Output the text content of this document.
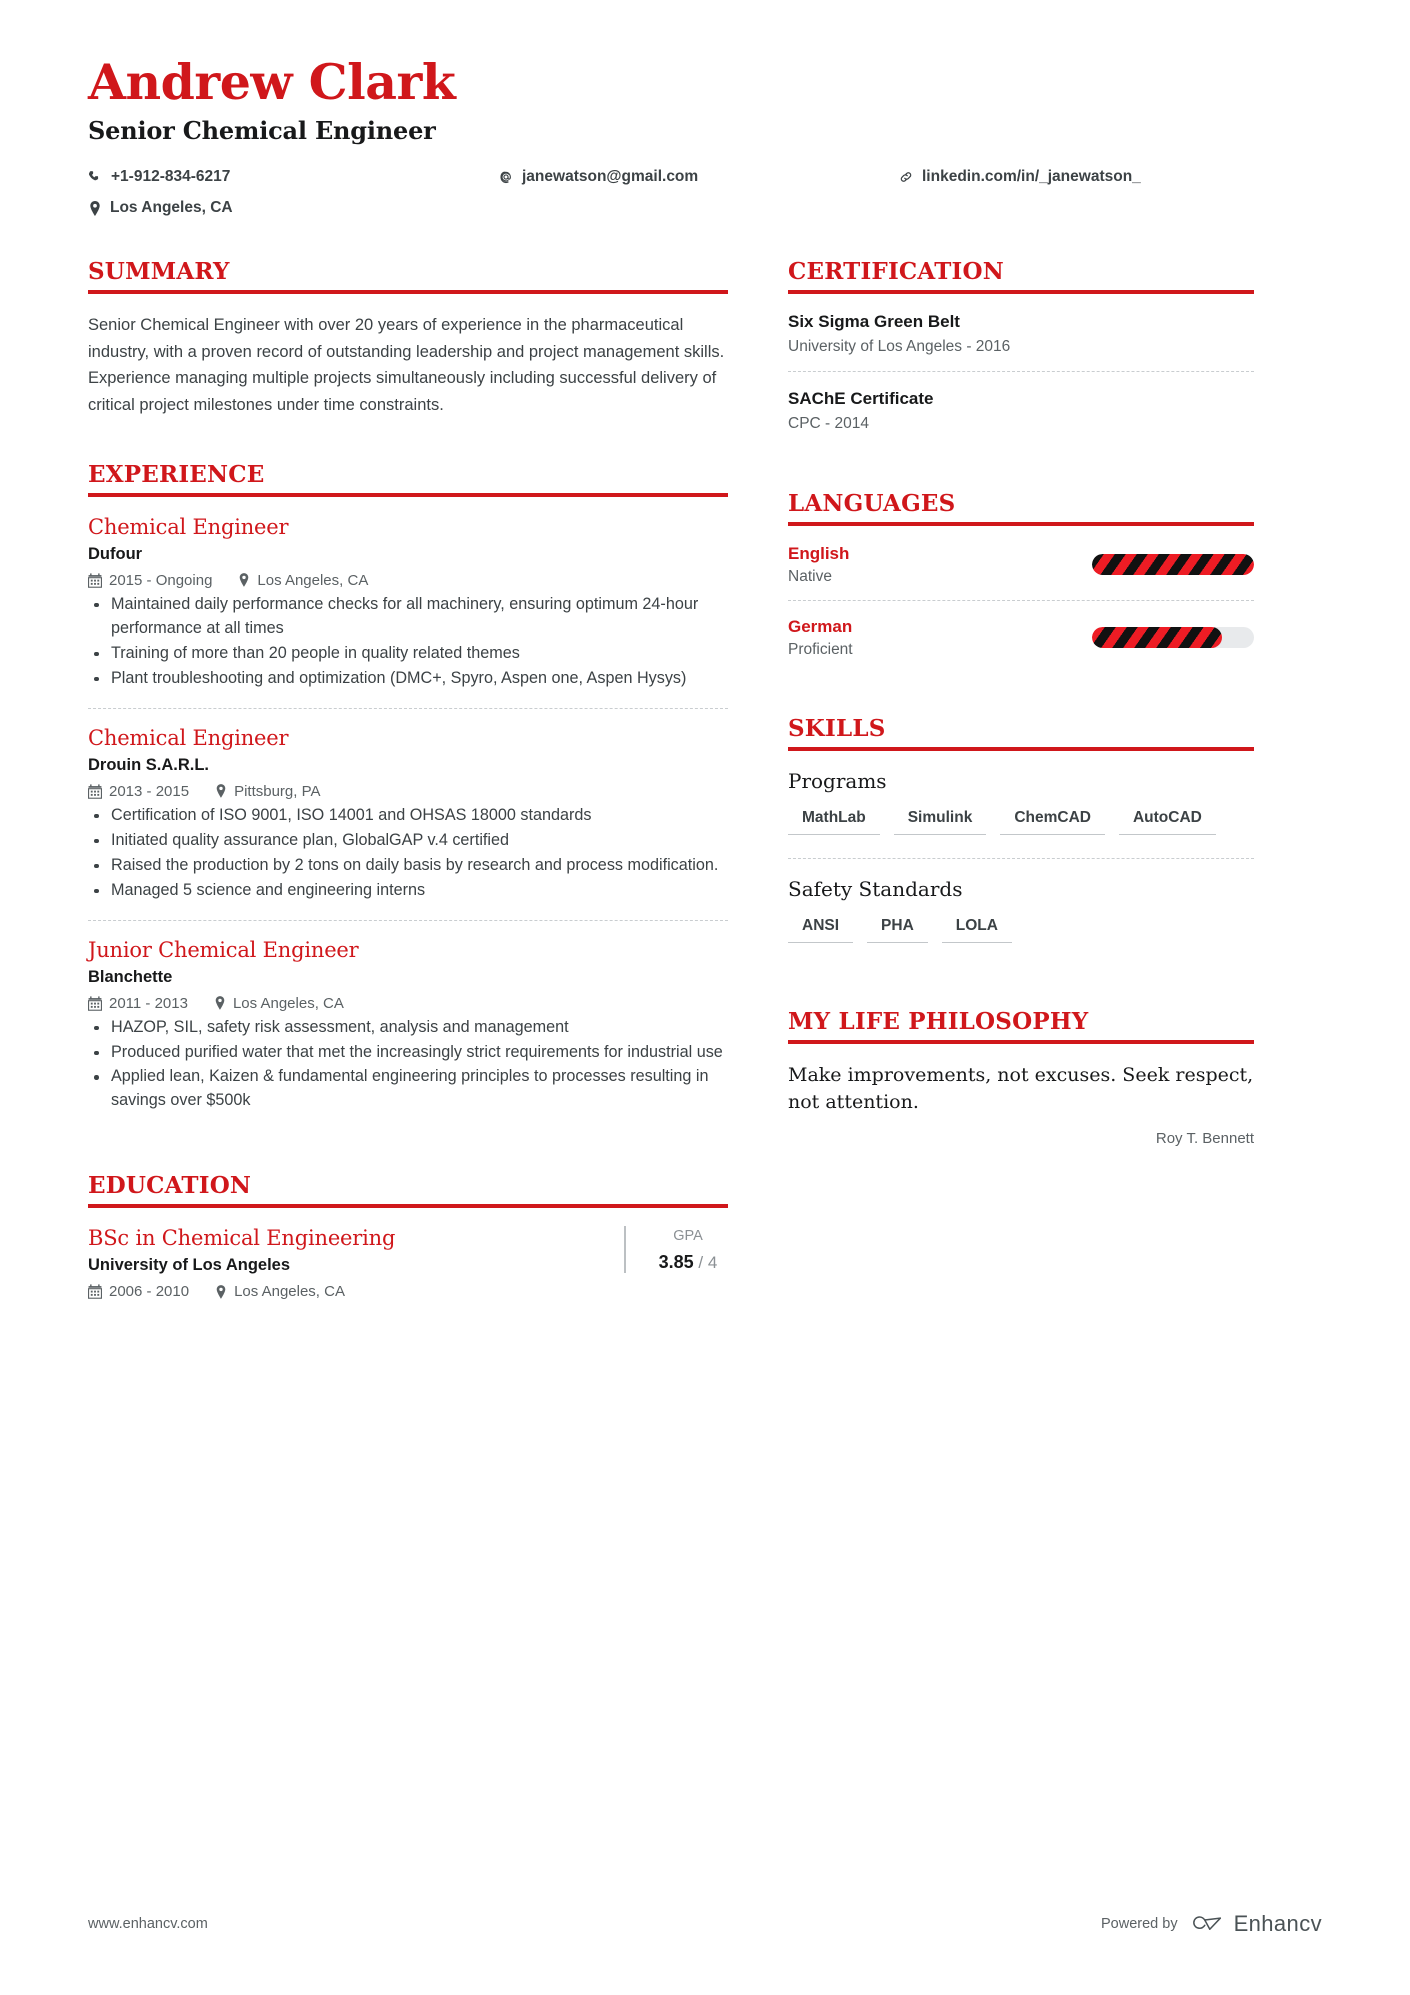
Andrew Clark
Senior Chemical Engineer
+1-912-834-6217	janewatson@gmail.com	linkedin.com/in/_janewatson_
Los Angeles, CA
SUMMARY
Senior Chemical Engineer with over 20 years of experience in the pharmaceutical industry, with a proven record of outstanding leadership and project management skills. Experience managing multiple projects simultaneously including successful delivery of critical project milestones under time constraints.
EXPERIENCE
Chemical Engineer
Dufour
2015 - Ongoing	Los Angeles, CA
Maintained daily performance checks for all machinery, ensuring optimum 24-hour performance at all times
Training of more than 20 people in quality related themes
Plant troubleshooting and optimization (DMC+, Spyro, Aspen one, Aspen Hysys)
Chemical Engineer
Drouin S.A.R.L.
2013 - 2015	Pittsburg, PA
Certification of ISO 9001, ISO 14001 and OHSAS 18000 standards
Initiated quality assurance plan, GlobalGAP v.4 certified
Raised the production by 2 tons on daily basis by research and process modification.
Managed 5 science and engineering interns
Junior Chemical Engineer
Blanchette
2011 - 2013	Los Angeles, CA
HAZOP, SIL, safety risk assessment, analysis and management
Produced purified water that met the increasingly strict requirements for industrial use
Applied lean, Kaizen & fundamental engineering principles to processes resulting in savings over $500k
EDUCATION
BSc in Chemical Engineering
University of Los Angeles
2006 - 2010	Los Angeles, CA
GPA
3.85 / 4
CERTIFICATION
Six Sigma Green Belt
University of Los Angeles - 2016
SAChE Certificate
CPC - 2014
LANGUAGES
English
Native
German
Proficient
SKILLS
Programs
MathLab	Simulink	ChemCAD	AutoCAD
Safety Standards
ANSI	PHA	LOLA
MY LIFE PHILOSOPHY
Make improvements, not excuses. Seek respect, not attention.
Roy T. Bennett
www.enhancv.com	Powered by	Enhancv
